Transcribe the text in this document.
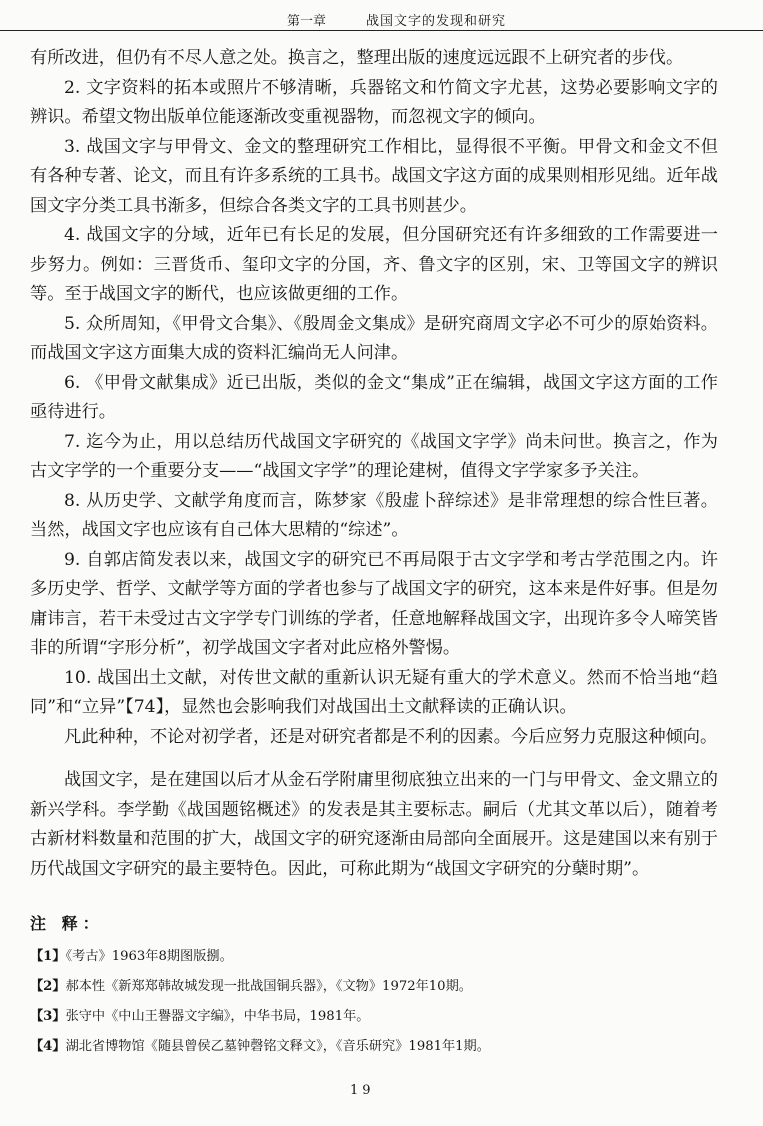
第一章	战国文字的发现和研究

有所改进，但仍有不尽人意之处。换言之，整理出版的速度远远跟不上研究者的步伐。

2. 文字资料的拓本或照片不够清晰，兵器铭文和竹简文字尤甚，这势必要影响文字的辨识。希望文物出版单位能逐渐改变重视器物，而忽视文字的倾向。

3. 战国文字与甲骨文、金文的整理研究工作相比，显得很不平衡。甲骨文和金文不但有各种专著、论文，而且有许多系统的工具书。战国文字这方面的成果则相形见绌。近年战国文字分类工具书渐多，但综合各类文字的工具书则甚少。

4. 战国文字的分域，近年已有长足的发展，但分国研究还有许多细致的工作需要进一步努力。例如：三晋货币、玺印文字的分国，齐、鲁文字的区别，宋、卫等国文字的辨识等。至于战国文字的断代，也应该做更细的工作。

5. 众所周知，《甲骨文合集》、《殷周金文集成》是研究商周文字必不可少的原始资料。而战国文字这方面集大成的资料汇编尚无人问津。

6. 《甲骨文献集成》近已出版，类似的金文“集成”正在编辑，战国文字这方面的工作亟待进行。

7. 迄今为止，用以总结历代战国文字研究的《战国文字学》尚未问世。换言之，作为古文字学的一个重要分支——“战国文字学”的理论建树，值得文字学家多予关注。

8. 从历史学、文献学角度而言，陈梦家《殷虚卜辞综述》是非常理想的综合性巨著。当然，战国文字也应该有自己体大思精的“综述”。

9. 自郭店简发表以来，战国文字的研究已不再局限于古文字学和考古学范围之内。许多历史学、哲学、文献学等方面的学者也参与了战国文字的研究，这本来是件好事。但是勿庸讳言，若干未受过古文字学专门训练的学者，任意地解释战国文字，出现许多令人啼笑皆非的所谓“字形分析”，初学战国文字者对此应格外警惕。

10. 战国出土文献，对传世文献的重新认识无疑有重大的学术意义。然而不恰当地“趋同”和“立异”【74】，显然也会影响我们对战国出土文献释读的正确认识。

凡此种种，不论对初学者，还是对研究者都是不利的因素。今后应努力克服这种倾向。

战国文字，是在建国以后才从金石学附庸里彻底独立出来的一门与甲骨文、金文鼎立的新兴学科。李学勤《战国题铭概述》的发表是其主要标志。嗣后（尤其文革以后），随着考古新材料数量和范围的扩大，战国文字的研究逐渐由局部向全面展开。这是建国以来有别于历代战国文字研究的最主要特色。因此，可称此期为“战国文字研究的分蘖时期”。

注 释：
【1】《考古》1963年8期图版捌。
【2】郝本性《新郑郑韩故城发现一批战国铜兵器》，《文物》1972年10期。
【3】张守中《中山王譽器文字编》，中华书局，1981年。
【4】湖北省博物馆《随县曾侯乙墓钟磬铭文释文》，《音乐研究》1981年1期。
19
